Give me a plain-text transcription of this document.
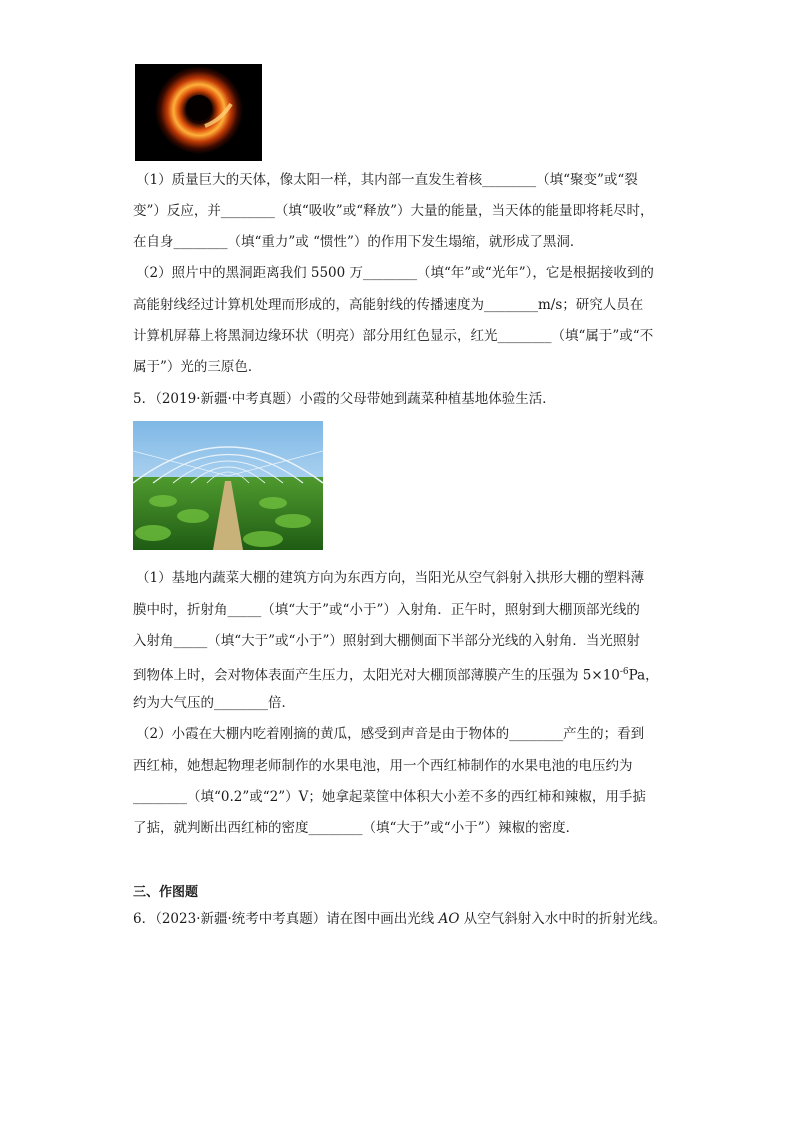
（1）质量巨大的天体，像太阳一样，其内部一直发生着核________（填“聚变”或“裂
变”）反应，并________（填“吸收”或“释放”）大量的能量，当天体的能量即将耗尽时，
在自身________（填“重力”或 “惯性”）的作用下发生塌缩，就形成了黑洞．
（2）照片中的黑洞距离我们 5500 万________（填“年”或“光年”），它是根据接收到的
高能射线经过计算机处理而形成的，高能射线的传播速度为________m/s；研究人员在
计算机屏幕上将黑洞边缘环状（明亮）部分用红色显示，红光________（填“属于”或“不
属于”）光的三原色．
5．（2019·新疆·中考真题）小霞的父母带她到蔬菜种植基地体验生活．
（1）基地内蔬菜大棚的建筑方向为东西方向，当阳光从空气斜射入拱形大棚的塑料薄
膜中时，折射角_____（填“大于”或“小于”）入射角．正午时，照射到大棚顶部光线的
入射角_____（填“大于”或“小于”）照射到大棚侧面下半部分光线的入射角．当光照射
到物体上时，会对物体表面产生压力，太阳光对大棚顶部薄膜产生的压强为 $5\times 10^{-6}Pa$，
约为大气压的________倍．
（2）小霞在大棚内吃着刚摘的黄瓜，感受到声音是由于物体的________产生的；看到
西红柿，她想起物理老师制作的水果电池，用一个西红柿制作的水果电池的电压约为
________（填“0.2”或“2”）V；她拿起菜筐中体积大小差不多的西红柿和辣椒，用手掂
了掂，就判断出西红柿的密度________（填“大于”或“小于”）辣椒的密度．
三、作图题
6．（2023·新疆·统考中考真题）请在图中画出光线 AO 从空气斜射入水中时的折射光线。
